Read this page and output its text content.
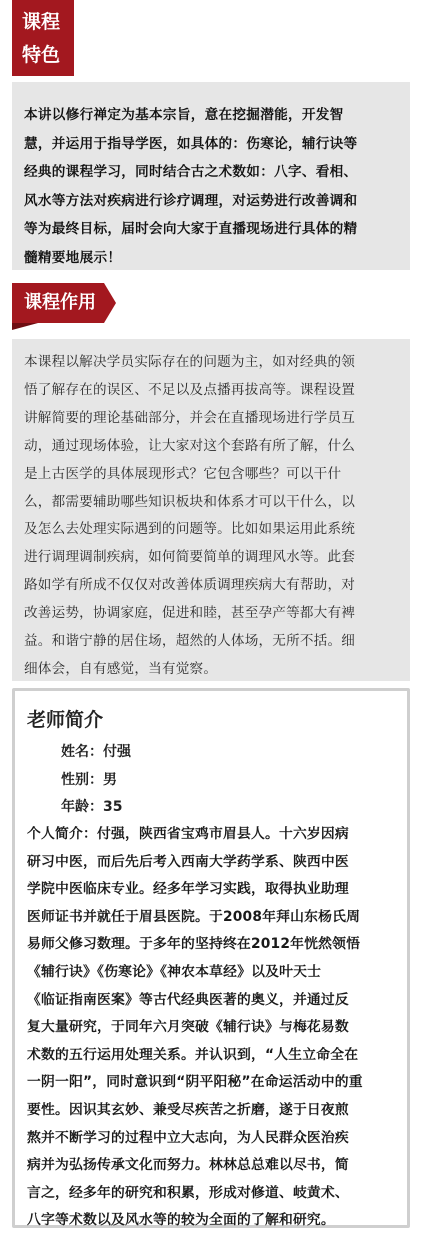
课程
特色
本讲以修行禅定为基本宗旨，意在挖掘潜能，开发智
慧，并运用于指导学医，如具体的：伤寒论，辅行诀等
经典的课程学习，同时结合古之术数如：八字、看相、
风水等方法对疾病进行诊疗调理，对运势进行改善调和
等为最终目标，届时会向大家于直播现场进行具体的精
髓精要地展示！
课程作用
本课程以解决学员实际存在的问题为主，如对经典的领
悟了解存在的误区、不足以及点播再拔高等。课程设置
讲解简要的理论基础部分，并会在直播现场进行学员互
动，通过现场体验，让大家对这个套路有所了解，什么
是上古医学的具体展现形式？它包含哪些？可以干什
么，都需要辅助哪些知识板块和体系才可以干什么，以
及怎么去处理实际遇到的问题等。比如如果运用此系统
进行调理调制疾病，如何简要简单的调理风水等。此套
路如学有所成不仅仅对改善体质调理疾病大有帮助，对
改善运势，协调家庭，促进和睦，甚至孕产等都大有裨
益。和谐宁静的居住场，超然的人体场，无所不括。细
细体会，自有感觉，当有觉察。
老师简介
姓名：付强
性别：男
年龄：35
个人简介：付强，陕西省宝鸡市眉县人。十六岁因病
研习中医，而后先后考入西南大学药学系、陕西中医
学院中医临床专业。经多年学习实践，取得执业助理
医师证书并就任于眉县医院。于2008年拜山东杨氏周
易师父修习数理。于多年的坚持终在2012年恍然领悟
《辅行诀》《伤寒论》《神农本草经》以及叶天士
《临证指南医案》等古代经典医著的奥义，并通过反
复大量研究，于同年六月突破《辅行诀》与梅花易数
术数的五行运用处理关系。并认识到，“人生立命全在
一阴一阳”，同时意识到“阴平阳秘”在命运活动中的重
要性。因识其玄妙、兼受尽疾苦之折磨，遂于日夜煎
熬并不断学习的过程中立大志向，为人民群众医治疾
病并为弘扬传承文化而努力。林林总总难以尽书，简
言之，经多年的研究和积累，形成对修道、岐黄术、
八字等术数以及风水等的较为全面的了解和研究。
